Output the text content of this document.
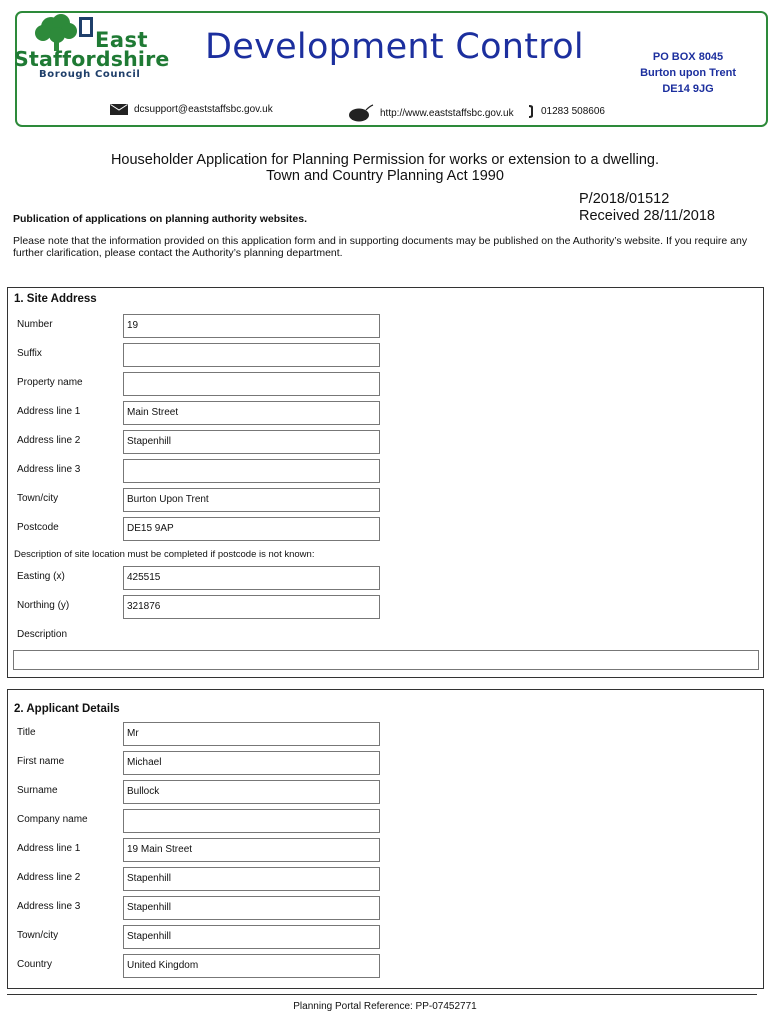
East
Staffordshire
Borough Council
Development Control	PO BOX 8045
Burton upon Trent
DE14 9JG
dcsupport@eaststaffsbc.gov.uk	http://www.eaststaffsbc.gov.uk	01283 508606
Householder Application for Planning Permission for works or extension to a dwelling.
Town and Country Planning Act 1990
P/2018/01512
Received 28/11/2018
Publication of applications on planning authority websites.
Please note that the information provided on this application form and in supporting documents may be published on the Authority’s website. If you require any further clarification, please contact the Authority’s planning department.
1. Site Address
Number	19
Suffix
Property name
Address line 1	Main Street
Address line 2	Stapenhill
Address line 3
Town/city	Burton Upon Trent
Postcode	DE15 9AP
Description of site location must be completed if postcode is not known:
Easting (x)	425515
Northing (y)	321876
Description
2. Applicant Details
Title	Mr
First name	Michael
Surname	Bullock
Company name
Address line 1	19 Main Street
Address line 2	Stapenhill
Address line 3	Stapenhill
Town/city	Stapenhill
Country	United Kingdom
Planning Portal Reference: PP-07452771
